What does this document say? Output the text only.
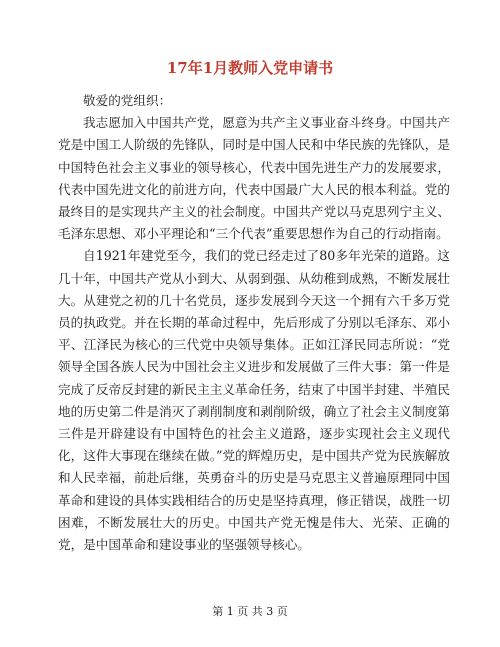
17年1月教师入党申请书

敬爱的党组织：

我志愿加入中国共产党，愿意为共产主义事业奋斗终身。中国共产党是中国工人阶级的先锋队，同时是中国人民和中华民族的先锋队，是中国特色社会主义事业的领导核心，代表中国先进生产力的发展要求，代表中国先进文化的前进方向，代表中国最广大人民的根本利益。党的最终目的是实现共产主义的社会制度。中国共产党以马克思列宁主义、毛泽东思想、邓小平理论和“三个代表”重要思想作为自己的行动指南。

自1921年建党至今，我们的党已经走过了80多年光荣的道路。这几十年，中国共产党从小到大、从弱到强、从幼稚到成熟，不断发展壮大。从建党之初的几十名党员，逐步发展到今天这一个拥有六千多万党员的执政党。并在长期的革命过程中，先后形成了分别以毛泽东、邓小平、江泽民为核心的三代党中央领导集体。正如江泽民同志所说：“党领导全国各族人民为中国社会主义进步和发展做了三件大事：第一件是完成了反帝反封建的新民主主义革命任务，结束了中国半封建、半殖民地的历史第二件是消灭了剥削制度和剥削阶级，确立了社会主义制度第三件是开辟建设有中国特色的社会主义道路，逐步实现社会主义现代化，这件大事现在继续在做。”党的辉煌历史，是中国共产党为民族解放和人民幸福，前赴后继，英勇奋斗的历史是马克思主义普遍原理同中国革命和建设的具体实践相结合的历史是坚持真理，修正错误，战胜一切困难，不断发展壮大的历史。中国共产党无愧是伟大、光荣、正确的党，是中国革命和建设事业的坚强领导核心。

第 1 页 共 3 页
